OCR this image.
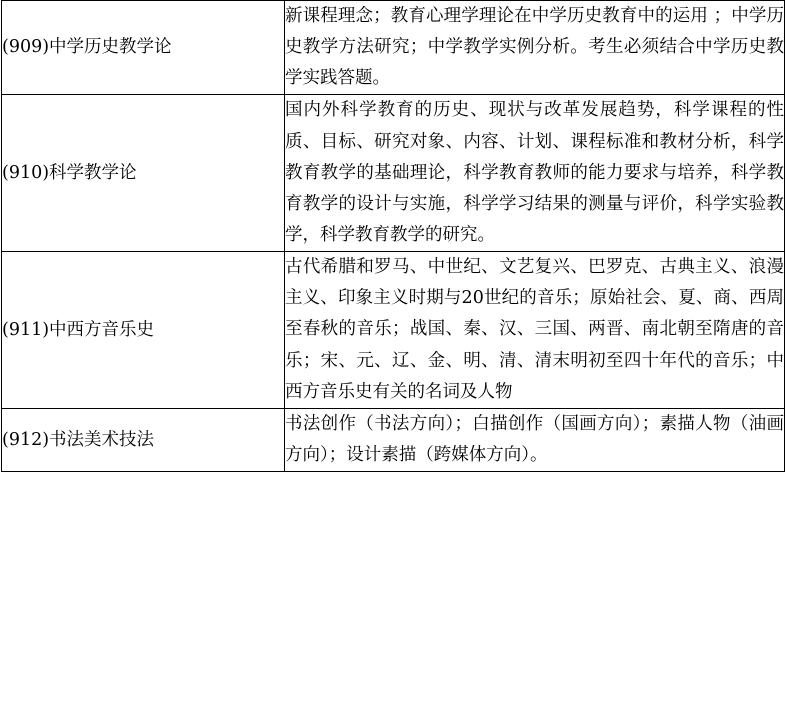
(909)中学历史教学论	新课程理念；教育心理学理论在中学历史教育中的运用 ；中学历史教学方法研究；中学教学实例分析。考生必须结合中学历史教学实践答题。

(910)科学教学论	国内外科学教育的历史、现状与改革发展趋势，科学课程的性质、目标、研究对象、内容、计划、课程标准和教材分析，科学教育教学的基础理论，科学教育教师的能力要求与培养，科学教育教学的设计与实施，科学学习结果的测量与评价，科学实验教学，科学教育教学的研究。

(911)中西方音乐史	古代希腊和罗马、中世纪、文艺复兴、巴罗克、古典主义、浪漫主义、印象主义时期与20世纪的音乐；原始社会、夏、商、西周至春秋的音乐；战国、秦、汉、三国、两晋、南北朝至隋唐的音乐；宋、元、辽、金、明、清、清末明初至四十年代的音乐；中西方音乐史有关的名词及人物

(912)书法美术技法	书法创作（书法方向）；白描创作（国画方向）；素描人物（油画方向）；设计素描（跨媒体方向）。
